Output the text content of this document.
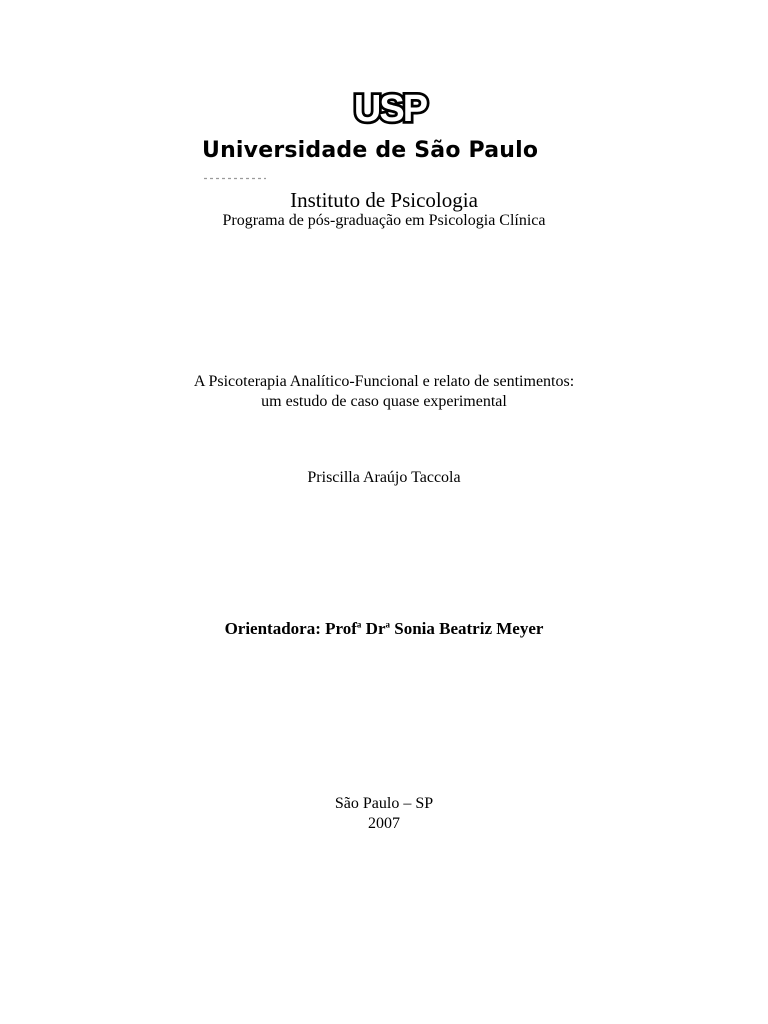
USP
Universidade de São Paulo
Instituto de Psicologia
Programa de pós-graduação em Psicologia Clínica
A Psicoterapia Analítico-Funcional e relato de sentimentos:
um estudo de caso quase experimental
Priscilla Araújo Taccola
Orientadora: Prof$^a$ Dr$^a$ Sonia Beatriz Meyer
São Paulo – SP
2007
